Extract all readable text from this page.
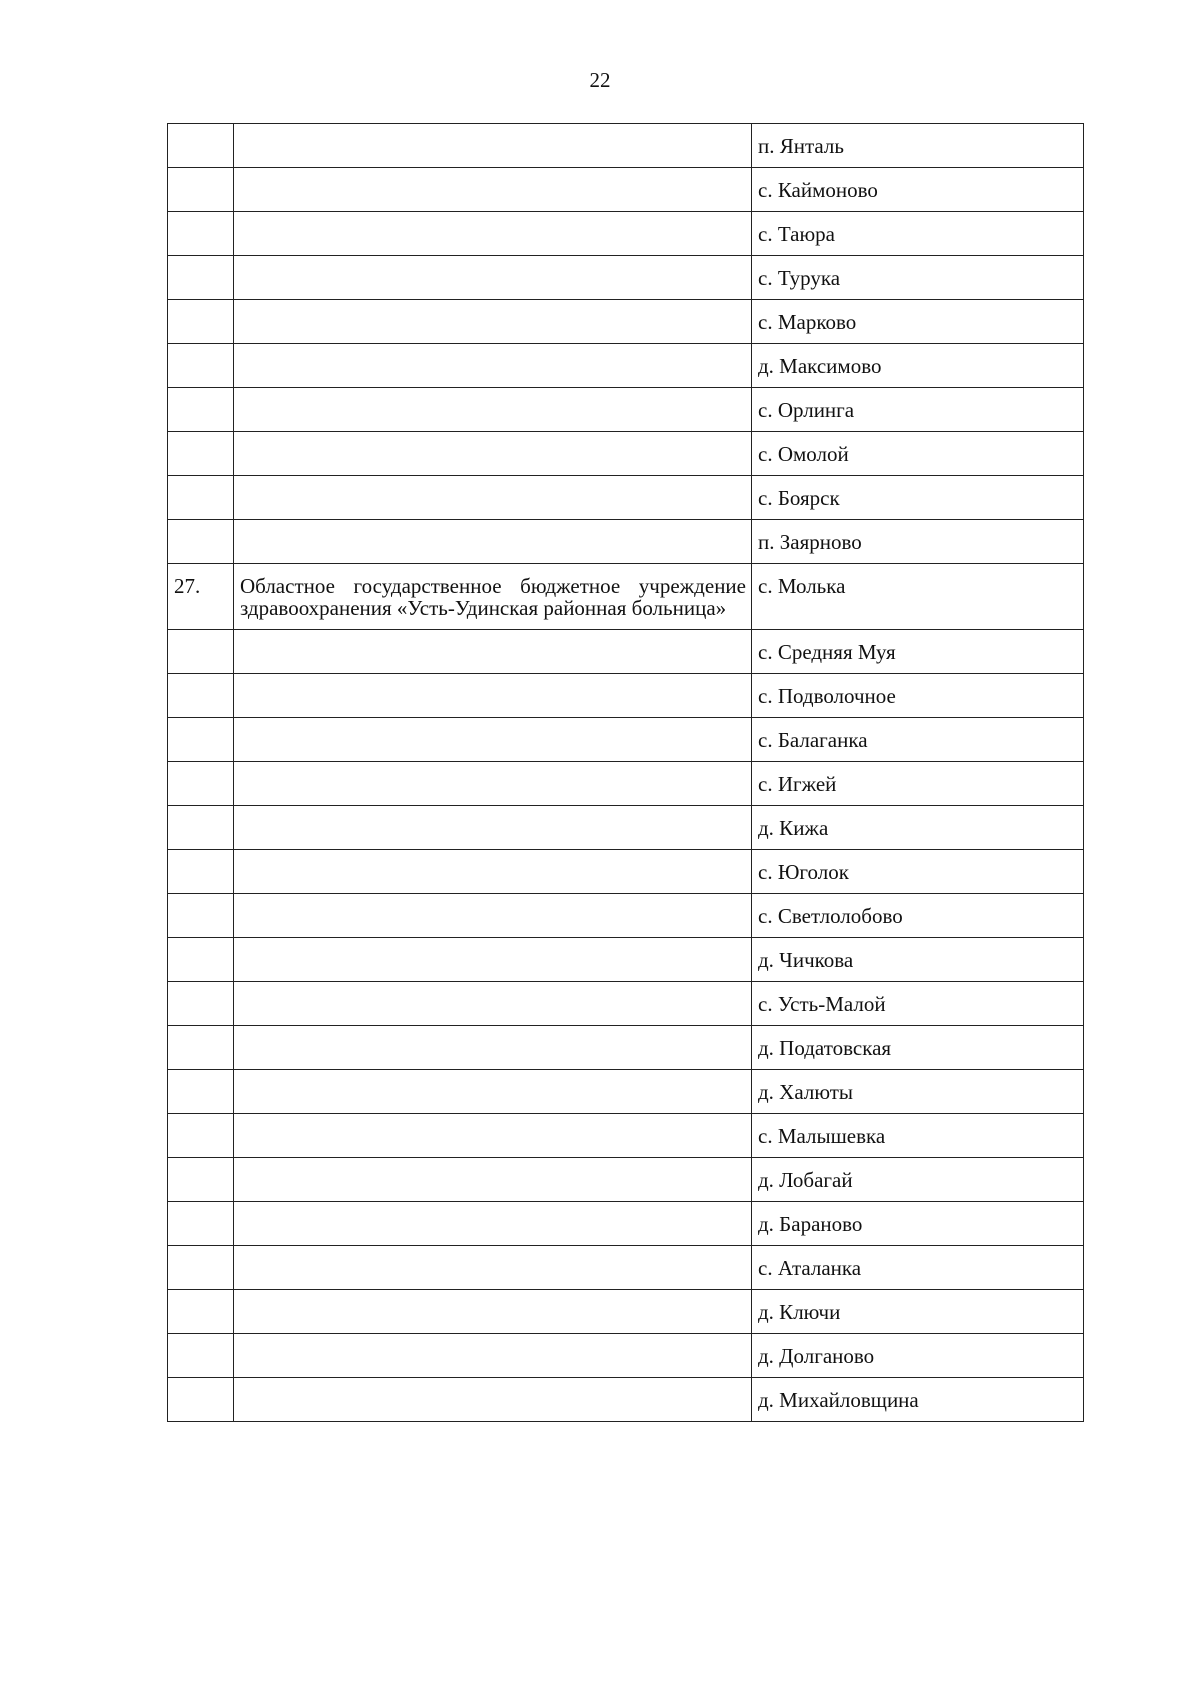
22
		п. Янталь
		с. Каймоново
		с. Таюра
		с. Турука
		с. Марково
		д. Максимово
		с. Орлинга
		с. Омолой
		с. Боярск
		п. Заярново
27.	Областное государственное бюджетное учреждение здравоохранения «Усть-Удинская районная больница»	с. Молька
		с. Средняя Муя
		с. Подволочное
		с. Балаганка
		с. Игжей
		д. Кижа
		с. Юголок
		с. Светлолобово
		д. Чичкова
		с. Усть-Малой
		д. Податовская
		д. Халюты
		с. Малышевка
		д. Лобагай
		д. Бараново
		с. Аталанка
		д. Ключи
		д. Долганово
		д. Михайловщина
